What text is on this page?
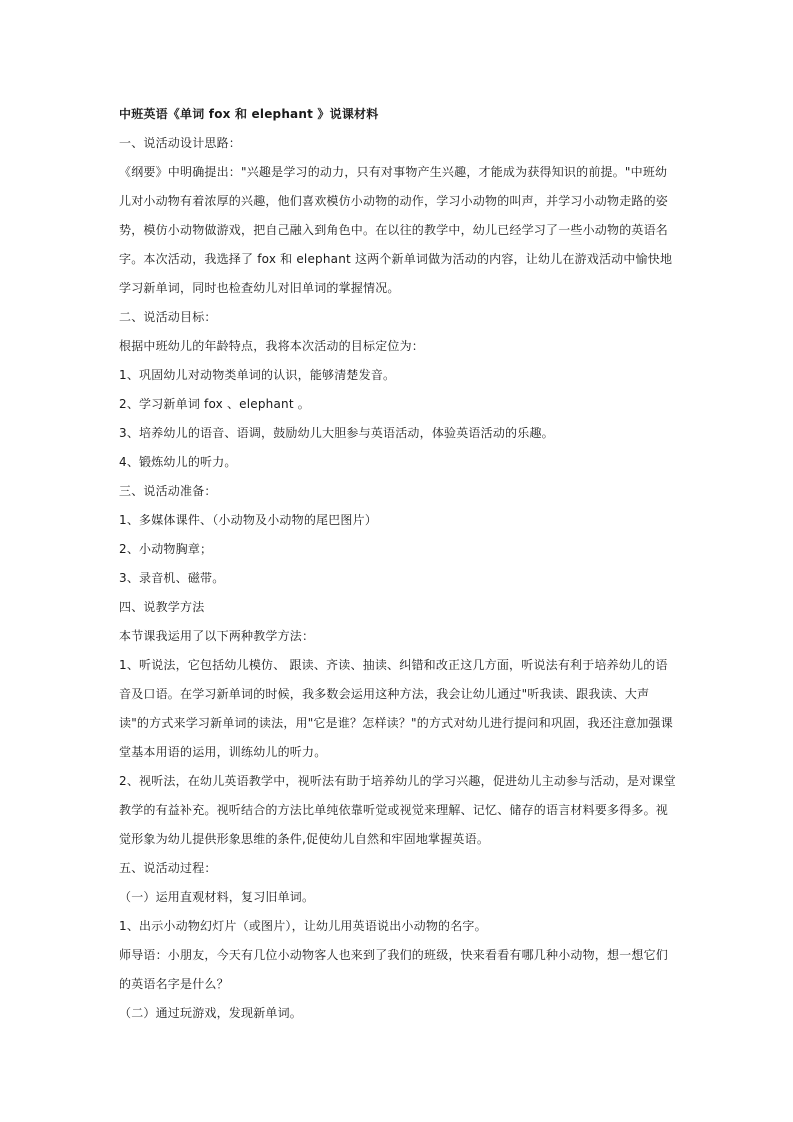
中班英语《单词 fox 和 elephant 》说课材料

一、说活动设计思路：

《纲要》中明确提出："兴趣是学习的动力，只有对事物产生兴趣，才能成为获得知识的前提。"中班幼儿对小动物有着浓厚的兴趣，他们喜欢模仿小动物的动作，学习小动物的叫声，并学习小动物走路的姿势，模仿小动物做游戏，把自己融入到角色中。在以往的教学中，幼儿已经学习了一些小动物的英语名字。本次活动，我选择了 fox 和 elephant 这两个新单词做为活动的内容，让幼儿在游戏活动中愉快地学习新单词，同时也检查幼儿对旧单词的掌握情况。

二、说活动目标：

根据中班幼儿的年龄特点，我将本次活动的目标定位为：

1、巩固幼儿对动物类单词的认识，能够清楚发音。

2、学习新单词 fox 、elephant 。

3、培养幼儿的语音、语调，鼓励幼儿大胆参与英语活动，体验英语活动的乐趣。

4、锻炼幼儿的听力。

三、说活动准备：

1、多媒体课件、（小动物及小动物的尾巴图片）

2、小动物胸章；

3、录音机、磁带。

四、说教学方法

本节课我运用了以下两种教学方法：

1、听说法，它包括幼儿模仿、 跟读、齐读、抽读、纠错和改正这几方面，听说法有利于培养幼儿的语音及口语。在学习新单词的时候，我多数会运用这种方法，我会让幼儿通过"听我读、跟我读、大声读"的方式来学习新单词的读法，用"它是谁？怎样读？"的方式对幼儿进行提问和巩固，我还注意加强课堂基本用语的运用，训练幼儿的听力。

2、视听法，在幼儿英语教学中，视听法有助于培养幼儿的学习兴趣，促进幼儿主动参与活动，是对课堂教学的有益补充。视听结合的方法比单纯依靠听觉或视觉来理解、记忆、储存的语言材料要多得多。视觉形象为幼儿提供形象思维的条件,促使幼儿自然和牢固地掌握英语。

五、说活动过程：

（一）运用直观材料，复习旧单词。

1、出示小动物幻灯片（或图片），让幼儿用英语说出小动物的名字。

师导语：小朋友，今天有几位小动物客人也来到了我们的班级，快来看看有哪几种小动物，想一想它们的英语名字是什么？

（二）通过玩游戏，发现新单词。
